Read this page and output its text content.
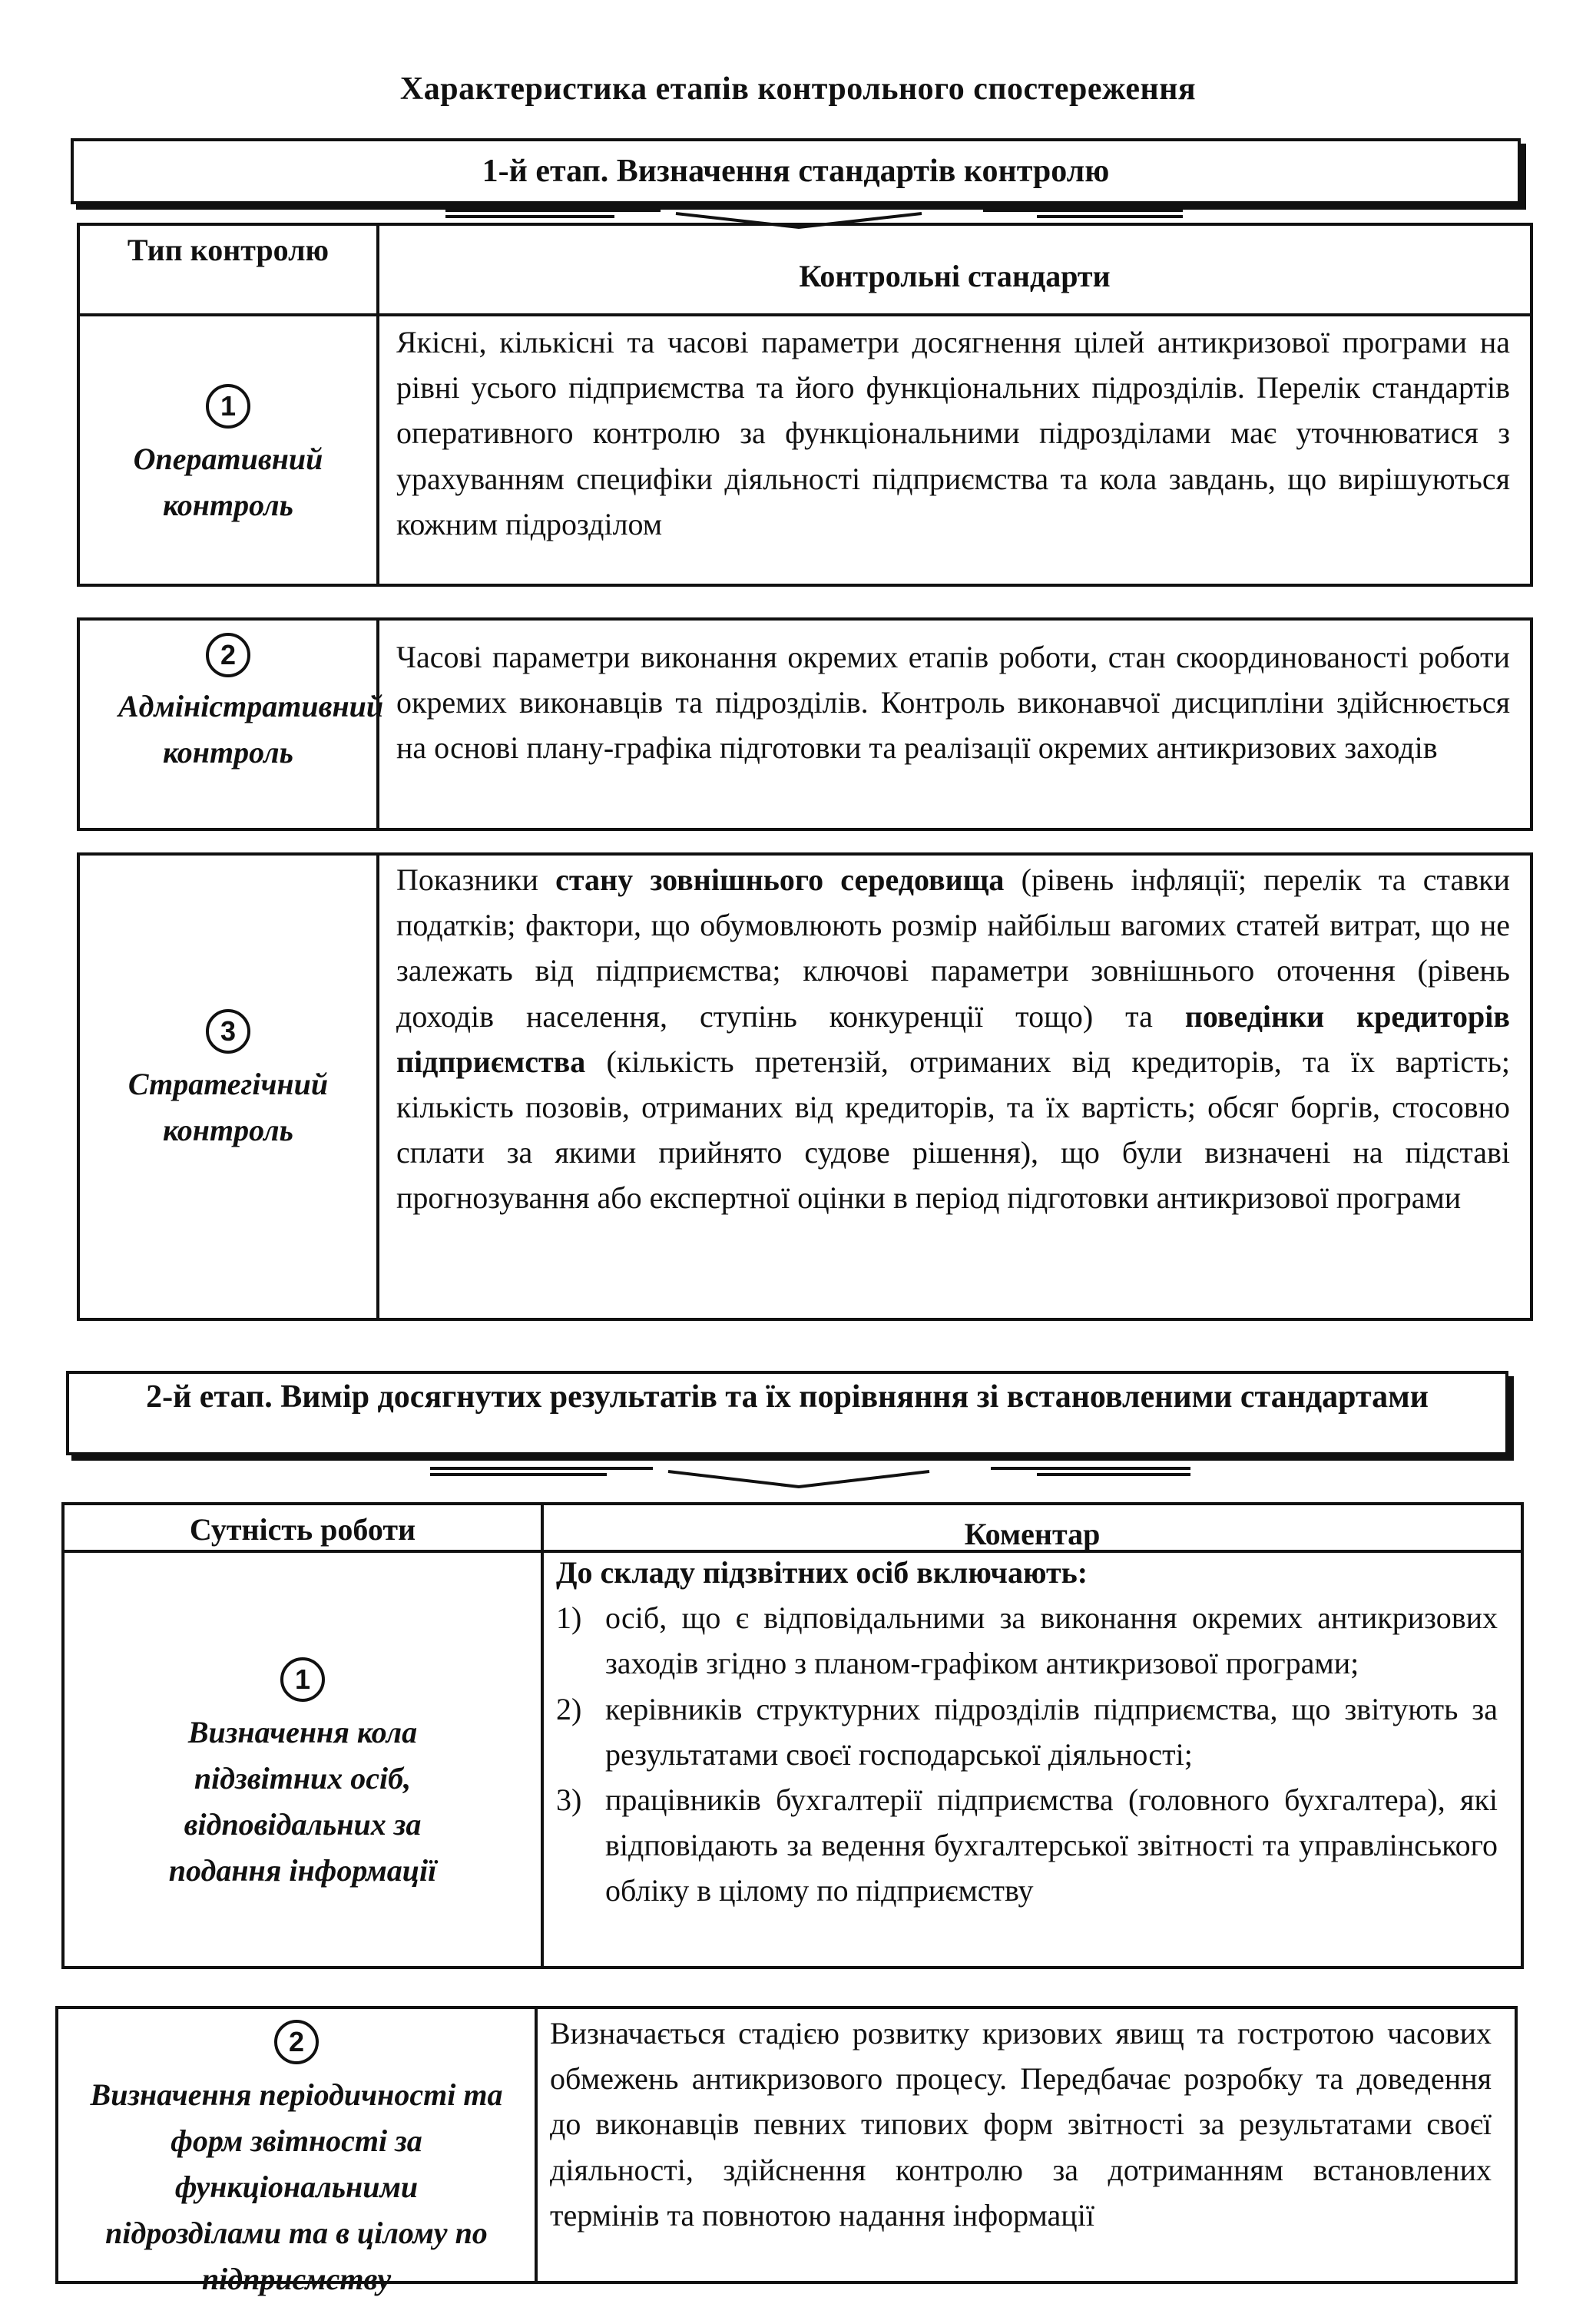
Характеристика етапів контрольного спостереження
1-й етап. Визначення стандартів контролю
Тип контролю
Контрольні стандарти
1
Оперативний контроль
Якісні, кількісні та часові параметри досягнення цілей антикризової програми на рівні усього підприємства та його функціональних підрозділів. Перелік стандартів оперативного контролю за функціональними підрозділами має уточнюватися з урахуванням специфіки діяльності підприємства та кола завдань, що вирішуються кожним підрозділом
2
Адміністративний контроль
Часові параметри виконання окремих етапів роботи, стан скоординованості роботи окремих виконавців та підрозділів. Контроль виконавчої дисципліни здійснюється на основі плану-графіка підготовки та реалізації окремих антикризових заходів
3
Стратегічний контроль
Показники стану зовнішнього середовища (рівень інфляції; перелік та ставки податків; фактори, що обумовлюють розмір найбільш вагомих статей витрат, що не залежать від підприємства; ключові параметри зовнішнього оточення (рівень доходів населення, ступінь конкуренції тощо) та поведінки кредиторів підприємства (кількість претензій, отриманих від кредиторів, та їх вартість; кількість позовів, отриманих від кредиторів, та їх вартість; обсяг боргів, стосовно сплати за якими прийнято судове рішення), що були визначені на підставі прогнозування або експертної оцінки в період підготовки антикризової програми
2-й етап. Вимір досягнутих результатів та їх порівняння зі встановленими стандартами
Сутність роботи	Коментар
1
Визначення кола підзвітних осіб, відповідальних за подання інформації
До складу підзвітних осіб включають:
1) осіб, що є відповідальними за виконання окремих антикризових заходів згідно з планом-графіком антикризової програми;
2) керівників структурних підрозділів підприємства, що звітують за результатами своєї господарської діяльності;
3) працівників бухгалтерії підприємства (головного бухгалтера), які відповідають за ведення бухгалтерської звітності та управлінського обліку в цілому по підприємству
2
Визначення періодичності та форм звітності за функціональними підрозділами та в цілому по підприємству
Визначається стадією розвитку кризових явищ та гостротою часових обмежень антикризового процесу. Передбачає розробку та доведення до виконавців певних типових форм звітності за результатами своєї діяльності, здійснення контролю за дотриманням встановлених термінів та повнотою надання інформації
